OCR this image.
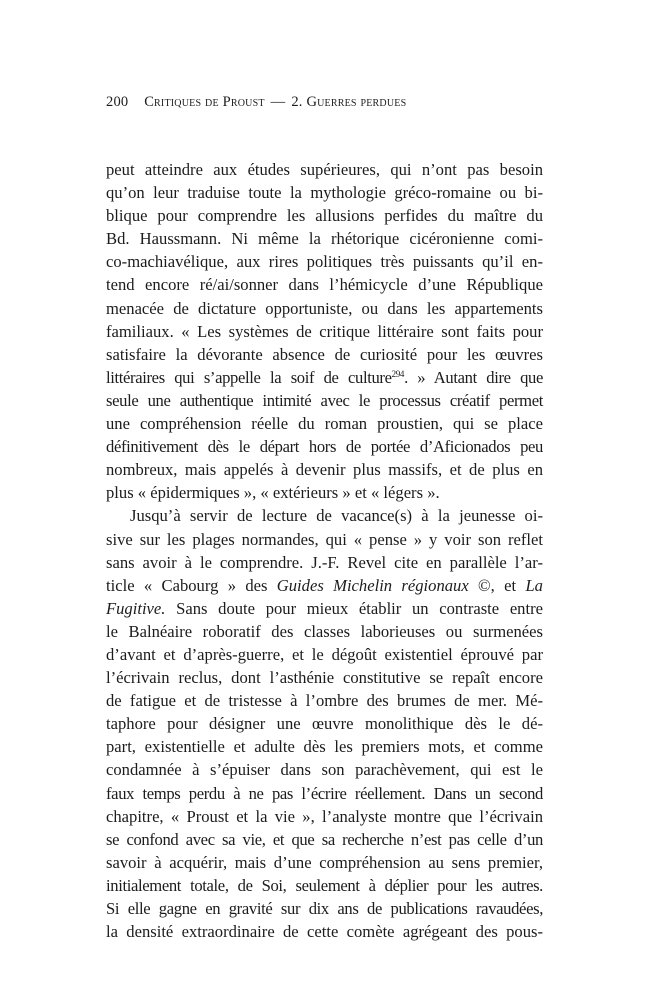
200 Critiques de Proust — 2. Guerres perdues
peut atteindre aux études supérieures, qui n’ont pas besoin
qu’on leur traduise toute la mythologie gréco-romaine ou bi-
blique pour comprendre les allusions perfides du maître du
Bd. Haussmann. Ni même la rhétorique cicéronienne comi-
co-machiavélique, aux rires politiques très puissants qu’il en-
tend encore ré/ai/sonner dans l’hémicycle d’une République
menacée de dictature opportuniste, ou dans les appartements
familiaux. « Les systèmes de critique littéraire sont faits pour
satisfaire la dévorante absence de curiosité pour les œuvres
littéraires qui s’appelle la soif de culture$^{294}$. » Autant dire que
seule une authentique intimité avec le processus créatif permet
une compréhension réelle du roman proustien, qui se place
définitivement dès le départ hors de portée d’Aficionados peu
nombreux, mais appelés à devenir plus massifs, et de plus en
plus « épidermiques », « extérieurs » et « légers ».
Jusqu’à servir de lecture de vacance(s) à la jeunesse oi-
sive sur les plages normandes, qui « pense » y voir son reflet
sans avoir à le comprendre. J.-F. Revel cite en parallèle l’ar-
ticle « Cabourg » des Guides Michelin régionaux ©, et La
Fugitive. Sans doute pour mieux établir un contraste entre
le Balnéaire roboratif des classes laborieuses ou surmenées
d’avant et d’après-guerre, et le dégoût existentiel éprouvé par
l’écrivain reclus, dont l’asthénie constitutive se repaît encore
de fatigue et de tristesse à l’ombre des brumes de mer. Mé-
taphore pour désigner une œuvre monolithique dès le dé-
part, existentielle et adulte dès les premiers mots, et comme
condamnée à s’épuiser dans son parachèvement, qui est le
faux temps perdu à ne pas l’écrire réellement. Dans un second
chapitre, « Proust et la vie », l’analyste montre que l’écrivain
se confond avec sa vie, et que sa recherche n’est pas celle d’un
savoir à acquérir, mais d’une compréhension au sens premier,
initialement totale, de Soi, seulement à déplier pour les autres.
Si elle gagne en gravité sur dix ans de publications ravaudées,
la densité extraordinaire de cette comète agrégeant des pous-
